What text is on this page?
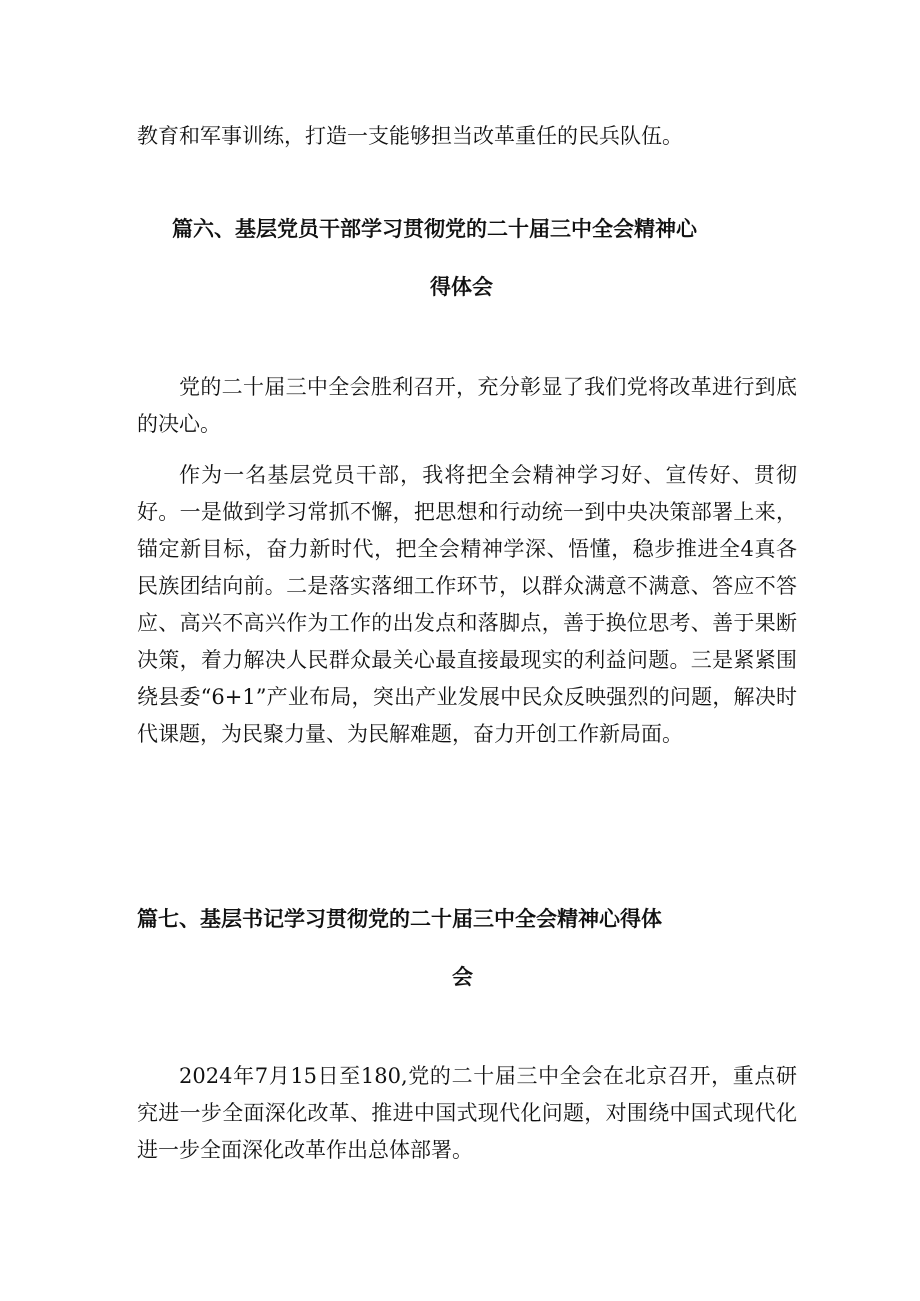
教育和军事训练，打造一支能够担当改革重任的民兵队伍。

篇六、基层党员干部学习贯彻党的二十届三中全会精神心
得体会

党的二十届三中全会胜利召开，充分彰显了我们党将改革进行到底的决心。

作为一名基层党员干部，我将把全会精神学习好、宣传好、贯彻好。一是做到学习常抓不懈，把思想和行动统一到中央决策部署上来，锚定新目标，奋力新时代，把全会精神学深、悟懂，稳步推进全4真各民族团结向前。二是落实落细工作环节，以群众满意不满意、答应不答应、高兴不高兴作为工作的出发点和落脚点，善于换位思考、善于果断决策，着力解决人民群众最关心最直接最现实的利益问题。三是紧紧围绕县委“6+1”产业布局，突出产业发展中民众反映强烈的问题，解决时代课题，为民聚力量、为民解难题，奋力开创工作新局面。

篇七、基层书记学习贯彻党的二十届三中全会精神心得体
会

2024年7月15日至180,党的二十届三中全会在北京召开，重点研究进一步全面深化改革、推进中国式现代化问题，对围绕中国式现代化进一步全面深化改革作出总体部署。
